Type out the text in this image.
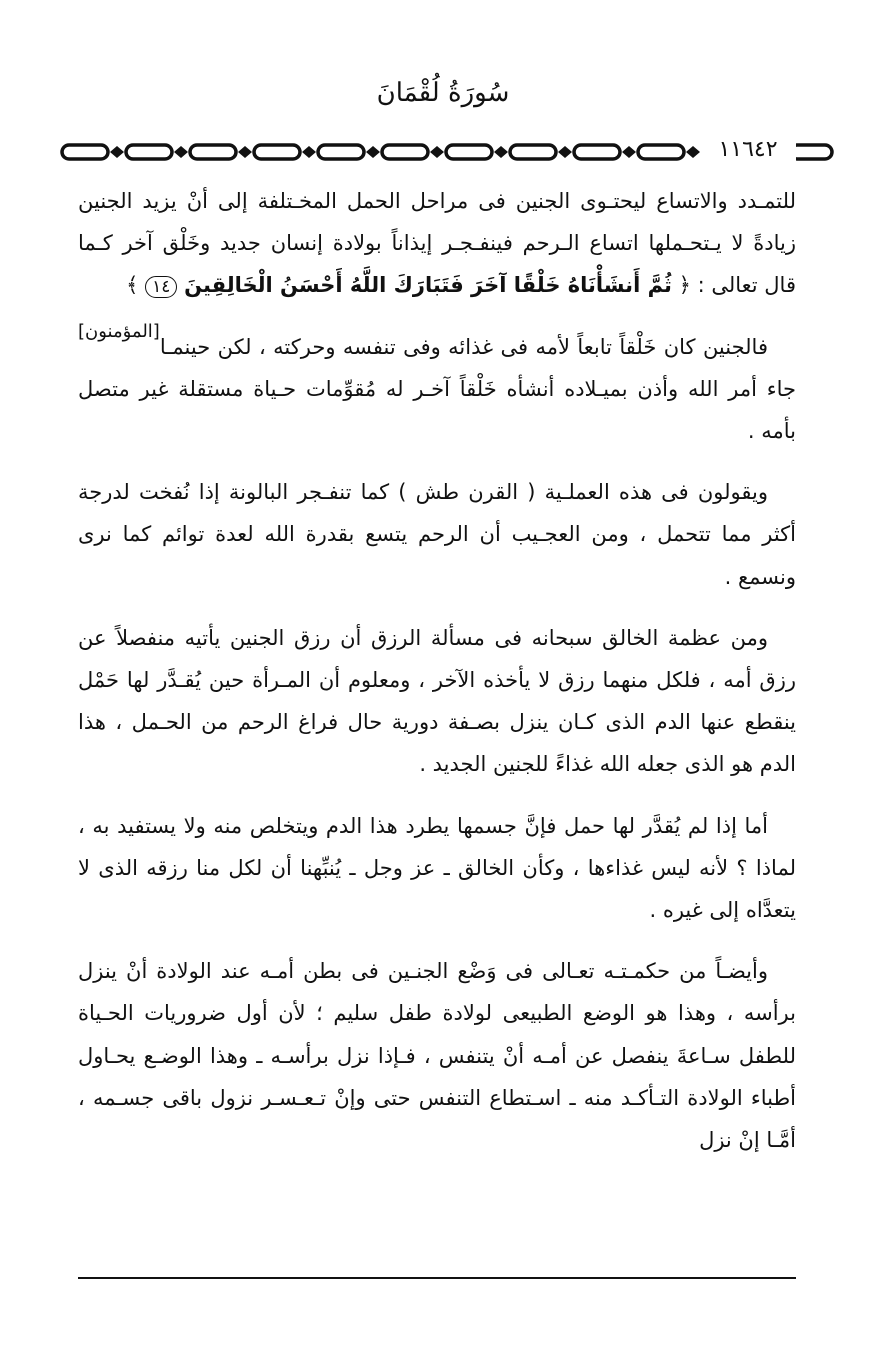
سُورَةُ لُقْمَانَ
١١٦٤٢

للتمـدد والاتساع ليحتـوى الجنين فى مراحل الحمل المخـتلفة إلى أنْ يزيد الجنين زيادةً لا يـتحـملها اتساع الـرحم فينفـجـر إيذاناً بولادة إنسان جديد وخَلْق آخر كـما قال تعالى : ﴿ ثُمَّ أَنشَأْنَاهُ خَلْقًا آخَرَ فَتَبَارَكَ اللَّهُ أَحْسَنُ الْخَالِقِينَ ١٤ ﴾
[المؤمنون]

فالجنين كان خَلْقاً تابعاً لأمه فى غذائه وفى تنفسه وحركته ، لكن حينمـا جاء أمر الله وأذن بميـلاده أنشأه خَلْقاً آخـر له مُقوِّمات حـياة مستقلة غير متصل بأمه .

ويقولون فى هذه العملـية ( القرن طش ) كما تنفـجر البالونة إذا نُفخت لدرجة أكثر مما تتحمل ، ومن العجـيب أن الرحم يتسع بقدرة الله لعدة توائم كما نرى ونسمع .

ومن عظمة الخالق سبحانه فى مسألة الرزق أن رزق الجنين يأتيه منفصلاً عن رزق أمه ، فلكل منهما رزق لا يأخذه الآخر ، ومعلوم أن المـرأة حين يُقـدَّر لها حَمْل ينقطع عنها الدم الذى كـان ينزل بصـفة دورية حال فراغ الرحم من الحـمل ، هذا الدم هو الذى جعله الله غذاءً للجنين الجديد .

أما إذا لم يُقدَّر لها حمل فإنَّ جسمها يطرد هذا الدم ويتخلص منه ولا يستفيد به ، لماذا ؟ لأنه ليس غذاءها ، وكأن الخالق ـ عز وجل ـ يُنبِّهنا أن لكل منا رزقه الذى لا يتعدَّاه إلى غيره .

وأيضـاً من حكمـتـه تعـالى فى وَضْع الجنـين فى بطن أمـه عند الولادة أنْ ينزل برأسه ، وهذا هو الوضع الطبيعى لولادة طفل سليم ؛ لأن أول ضروريات الحـياة للطفل سـاعةَ ينفصل عن أمـه أنْ يتنفس ، فـإذا نزل برأسـه ـ وهذا الوضـع يحـاول أطباء الولادة التـأكـد منه ـ اسـتطاع التنفس حتى وإنْ تـعـسـر نزول باقى جسـمه ، أمَّـا إنْ نزل
